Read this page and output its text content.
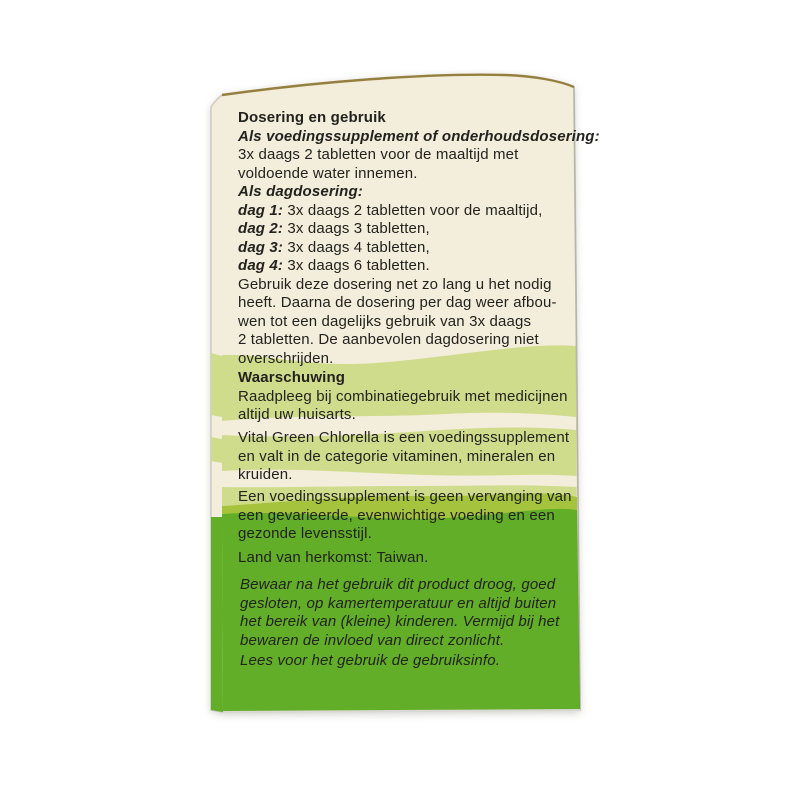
Dosering en gebruik
Als voedingssupplement of onderhoudsdosering:
3x daags 2 tabletten voor de maaltijd met
voldoende water innemen.
Als dagdosering:
dag 1: 3x daags 2 tabletten voor de maaltijd,
dag 2: 3x daags 3 tabletten,
dag 3: 3x daags 4 tabletten,
dag 4: 3x daags 6 tabletten.
Gebruik deze dosering net zo lang u het nodig
heeft. Daarna de dosering per dag weer afbou-
wen tot een dagelijks gebruik van 3x daags
2 tabletten. De aanbevolen dagdosering niet
overschrijden.
Waarschuwing
Raadpleeg bij combinatiegebruik met medicijnen
altijd uw huisarts.
Vital Green Chlorella is een voedingssupplement
en valt in de categorie vitaminen, mineralen en
kruiden.
Een voedingssupplement is geen vervanging van
een gevarieerde, evenwichtige voeding en een
gezonde levensstijl.
Land van herkomst: Taiwan.
Bewaar na het gebruik dit product droog, goed
gesloten, op kamertemperatuur en altijd buiten
het bereik van (kleine) kinderen. Vermijd bij het
bewaren de invloed van direct zonlicht.
Lees voor het gebruik de gebruiksinfo.
